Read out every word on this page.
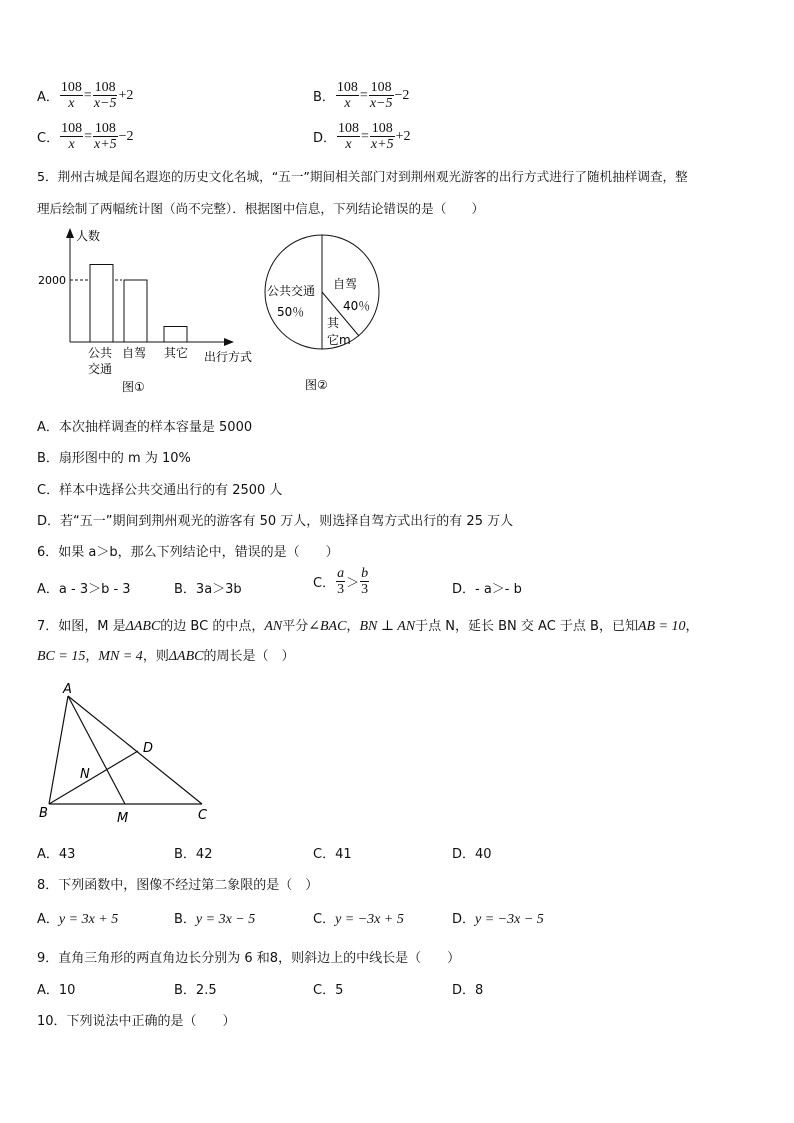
A． $\frac{108}{x} = \frac{108}{x-5} +2$	B． $\frac{108}{x} = \frac{108}{x-5} -2$
C． $\frac{108}{x} = \frac{108}{x+5} -2$	D． $\frac{108}{x} = \frac{108}{x+5} +2$
5．荆州古城是闻名遐迩的历史文化名城，“五一”期间相关部门对到荆州观光游客的出行方式进行了随机抽样调查，整
理后绘制了两幅统计图（尚不完整）．根据图中信息，下列结论错误的是（　　）
人数
2000
公共
交通
自驾 其它 出行方式
图①
公共交通
50％
自驾
40％
其
它m
图②
A．本次抽样调查的样本容量是 5000
B．扇形图中的 m 为 10%
C．样本中选择公共交通出行的有 2500 人
D．若“五一”期间到荆州观光的游客有 50 万人，则选择自驾方式出行的有 25 万人
6．如果 a＞b，那么下列结论中，错误的是（　　）
A．a - 3＞b - 3	B．3a＞3b	C． $\frac{a}{3} > \frac{b}{3}$	D．- a＞- b
7．如图，M 是ΔABC的边 BC 的中点，AN平分∠BAC，BN ⊥ AN于点 N，延长 BN 交 AC 于点 B，已知AB = 10，
BC = 15，MN = 4，则ΔABC的周长是（　）
A
B	C
D
M
N
A．43	B．42	C．41	D．40
8．下列函数中，图像不经过第二象限的是（　）
A．y = 3x + 5	B．y = 3x − 5	C．y = −3x + 5	D．y = −3x − 5
9．直角三角形的两直角边长分别为 6 和8，则斜边上的中线长是（　　）
A．10	B．2.5	C．5	D．8
10．下列说法中正确的是（　　）
